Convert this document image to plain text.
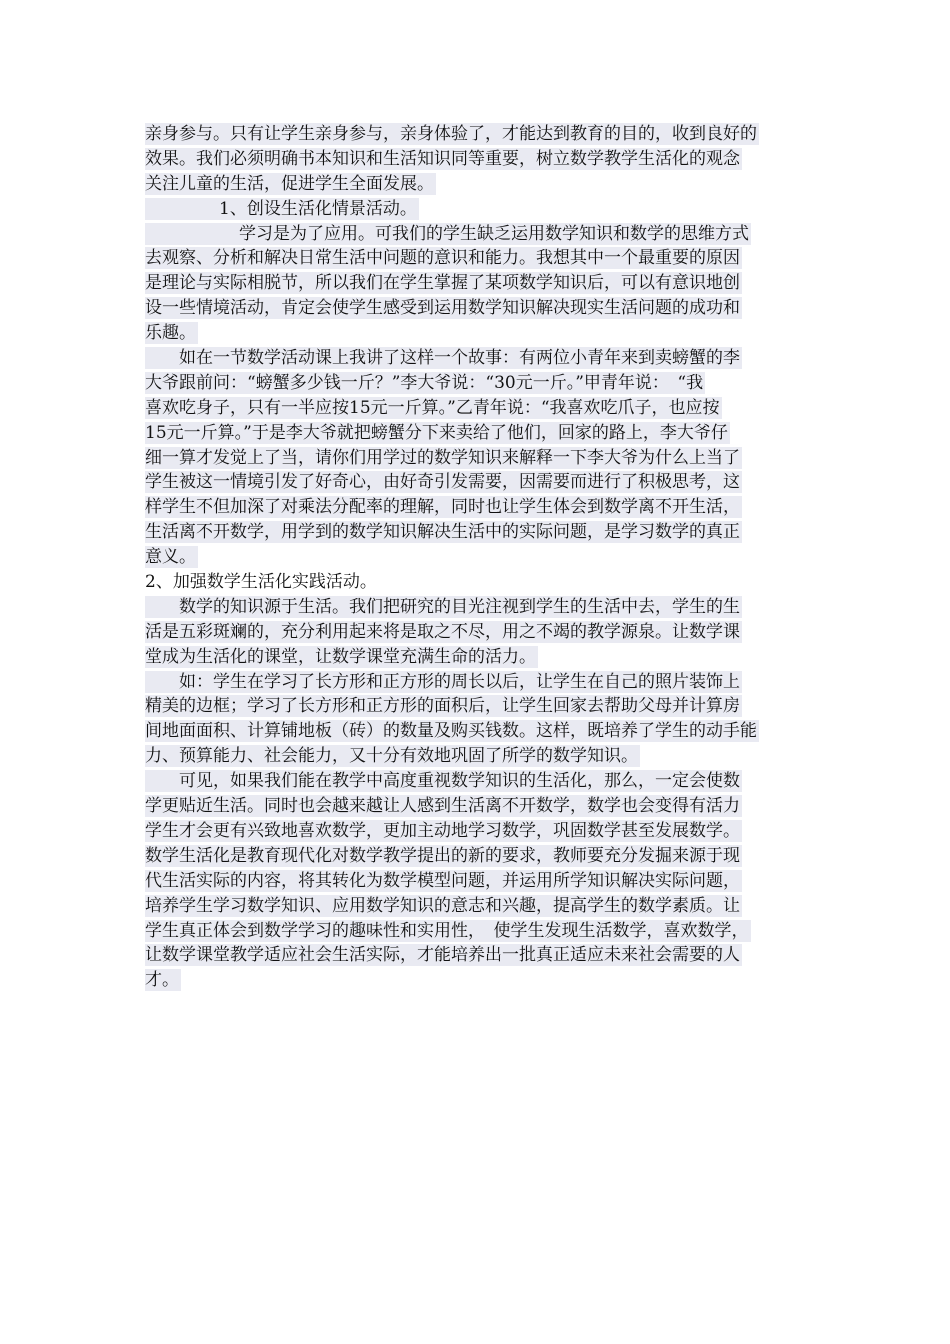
亲身参与。只有让学生亲身参与，亲身体验了，才能达到教育的目的，收到良好的

效果。我们必须明确书本知识和生活知识同等重要，树立数学教学生活化的观念

关注儿童的生活，促进学生全面发展。

1、创设生活化情景活动。

学习是为了应用。可我们的学生缺乏运用数学知识和数学的思维方式

去观察、分析和解决日常生活中问题的意识和能力。我想其中一个最重要的原因

是理论与实际相脱节，所以我们在学生掌握了某项数学知识后，可以有意识地创

设一些情境活动，肯定会使学生感受到运用数学知识解决现实生活问题的成功和

乐趣。

如在一节数学活动课上我讲了这样一个故事：有两位小青年来到卖螃蟹的李

大爷跟前问：“螃蟹多少钱一斤？”李大爷说：“30元一斤。”甲青年说：　“我

喜欢吃身子，只有一半应按15元一斤算。”乙青年说：“我喜欢吃爪子，也应按

15元一斤算。”于是李大爷就把螃蟹分下来卖给了他们，回家的路上，李大爷仔

细一算才发觉上了当，请你们用学过的数学知识来解释一下李大爷为什么上当了

学生被这一情境引发了好奇心，由好奇引发需要，因需要而进行了积极思考，这

样学生不但加深了对乘法分配率的理解，同时也让学生体会到数学离不开生活，

生活离不开数学，用学到的数学知识解决生活中的实际问题，是学习数学的真正

意义。

2、加强数学生活化实践活动。

数学的知识源于生活。我们把研究的目光注视到学生的生活中去，学生的生

活是五彩斑斓的，充分利用起来将是取之不尽，用之不竭的教学源泉。让数学课

堂成为生活化的课堂，让数学课堂充满生命的活力。

如：学生在学习了长方形和正方形的周长以后，让学生在自己的照片装饰上

精美的边框；学习了长方形和正方形的面积后，让学生回家去帮助父母并计算房

间地面面积、计算铺地板（砖）的数量及购买钱数。这样，既培养了学生的动手能

力、预算能力、社会能力，又十分有效地巩固了所学的数学知识。

可见，如果我们能在教学中高度重视数学知识的生活化，那么，一定会使数

学更贴近生活。同时也会越来越让人感到生活离不开数学，数学也会变得有活力

学生才会更有兴致地喜欢数学，更加主动地学习数学，巩固数学甚至发展数学。

数学生活化是教育现代化对数学教学提出的新的要求，教师要充分发掘来源于现

代生活实际的内容，将其转化为数学模型问题，并运用所学知识解决实际问题，

培养学生学习数学知识、应用数学知识的意志和兴趣，提高学生的数学素质。让

学生真正体会到数学学习的趣味性和实用性，　使学生发现生活数学，喜欢数学，

让数学课堂教学适应社会生活实际，才能培养出一批真正适应未来社会需要的人

才。
